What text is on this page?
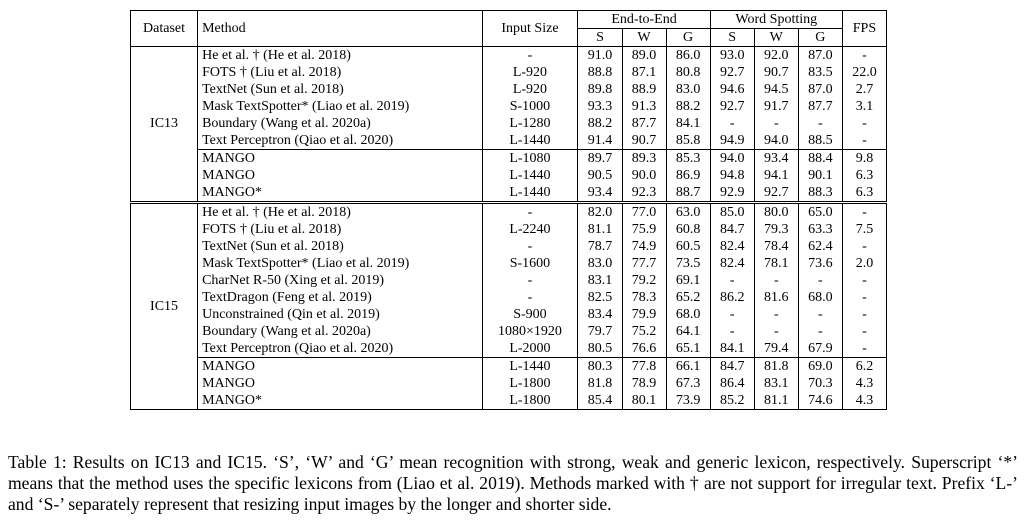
Dataset	Method	Input Size	End-to-End			Word Spotting			FPS
			S	W	G	S	W	G	
IC13	He et al. † (He et al. 2018)	-	91.0	89.0	86.0	93.0	92.0	87.0	-
	FOTS † (Liu et al. 2018)	L-920	88.8	87.1	80.8	92.7	90.7	83.5	22.0
	TextNet (Sun et al. 2018)	L-920	89.8	88.9	83.0	94.6	94.5	87.0	2.7
	Mask TextSpotter* (Liao et al. 2019)	S-1000	93.3	91.3	88.2	92.7	91.7	87.7	3.1
	Boundary (Wang et al. 2020a)	L-1280	88.2	87.7	84.1	-	-	-	-
	Text Perceptron (Qiao et al. 2020)	L-1440	91.4	90.7	85.8	94.9	94.0	88.5	-
	MANGO	L-1080	89.7	89.3	85.3	94.0	93.4	88.4	9.8
	MANGO	L-1440	90.5	90.0	86.9	94.8	94.1	90.1	6.3
	MANGO*	L-1440	93.4	92.3	88.7	92.9	92.7	88.3	6.3
IC15	He et al. † (He et al. 2018)	-	82.0	77.0	63.0	85.0	80.0	65.0	-
	FOTS † (Liu et al. 2018)	L-2240	81.1	75.9	60.8	84.7	79.3	63.3	7.5
	TextNet (Sun et al. 2018)	-	78.7	74.9	60.5	82.4	78.4	62.4	-
	Mask TextSpotter* (Liao et al. 2019)	S-1600	83.0	77.7	73.5	82.4	78.1	73.6	2.0
	CharNet R-50 (Xing et al. 2019)	-	83.1	79.2	69.1	-	-	-	-
	TextDragon (Feng et al. 2019)	-	82.5	78.3	65.2	86.2	81.6	68.0	-
	Unconstrained (Qin et al. 2019)	S-900	83.4	79.9	68.0	-	-	-	-
	Boundary (Wang et al. 2020a)	1080×1920	79.7	75.2	64.1	-	-	-	-
	Text Perceptron (Qiao et al. 2020)	L-2000	80.5	76.6	65.1	84.1	79.4	67.9	-
	MANGO	L-1440	80.3	77.8	66.1	84.7	81.8	69.0	6.2
	MANGO	L-1800	81.8	78.9	67.3	86.4	83.1	70.3	4.3
	MANGO*	L-1800	85.4	80.1	73.9	85.2	81.1	74.6	4.3
Table 1: Results on IC13 and IC15. ‘S’, ‘W’ and ‘G’ mean recognition with strong, weak and generic lexicon, respectively. Superscript ‘*’ means that the method uses the specific lexicons from (Liao et al. 2019). Methods marked with † are not support for irregular text. Prefix ‘L-’ and ‘S-’ separately represent that resizing input images by the longer and shorter side.
